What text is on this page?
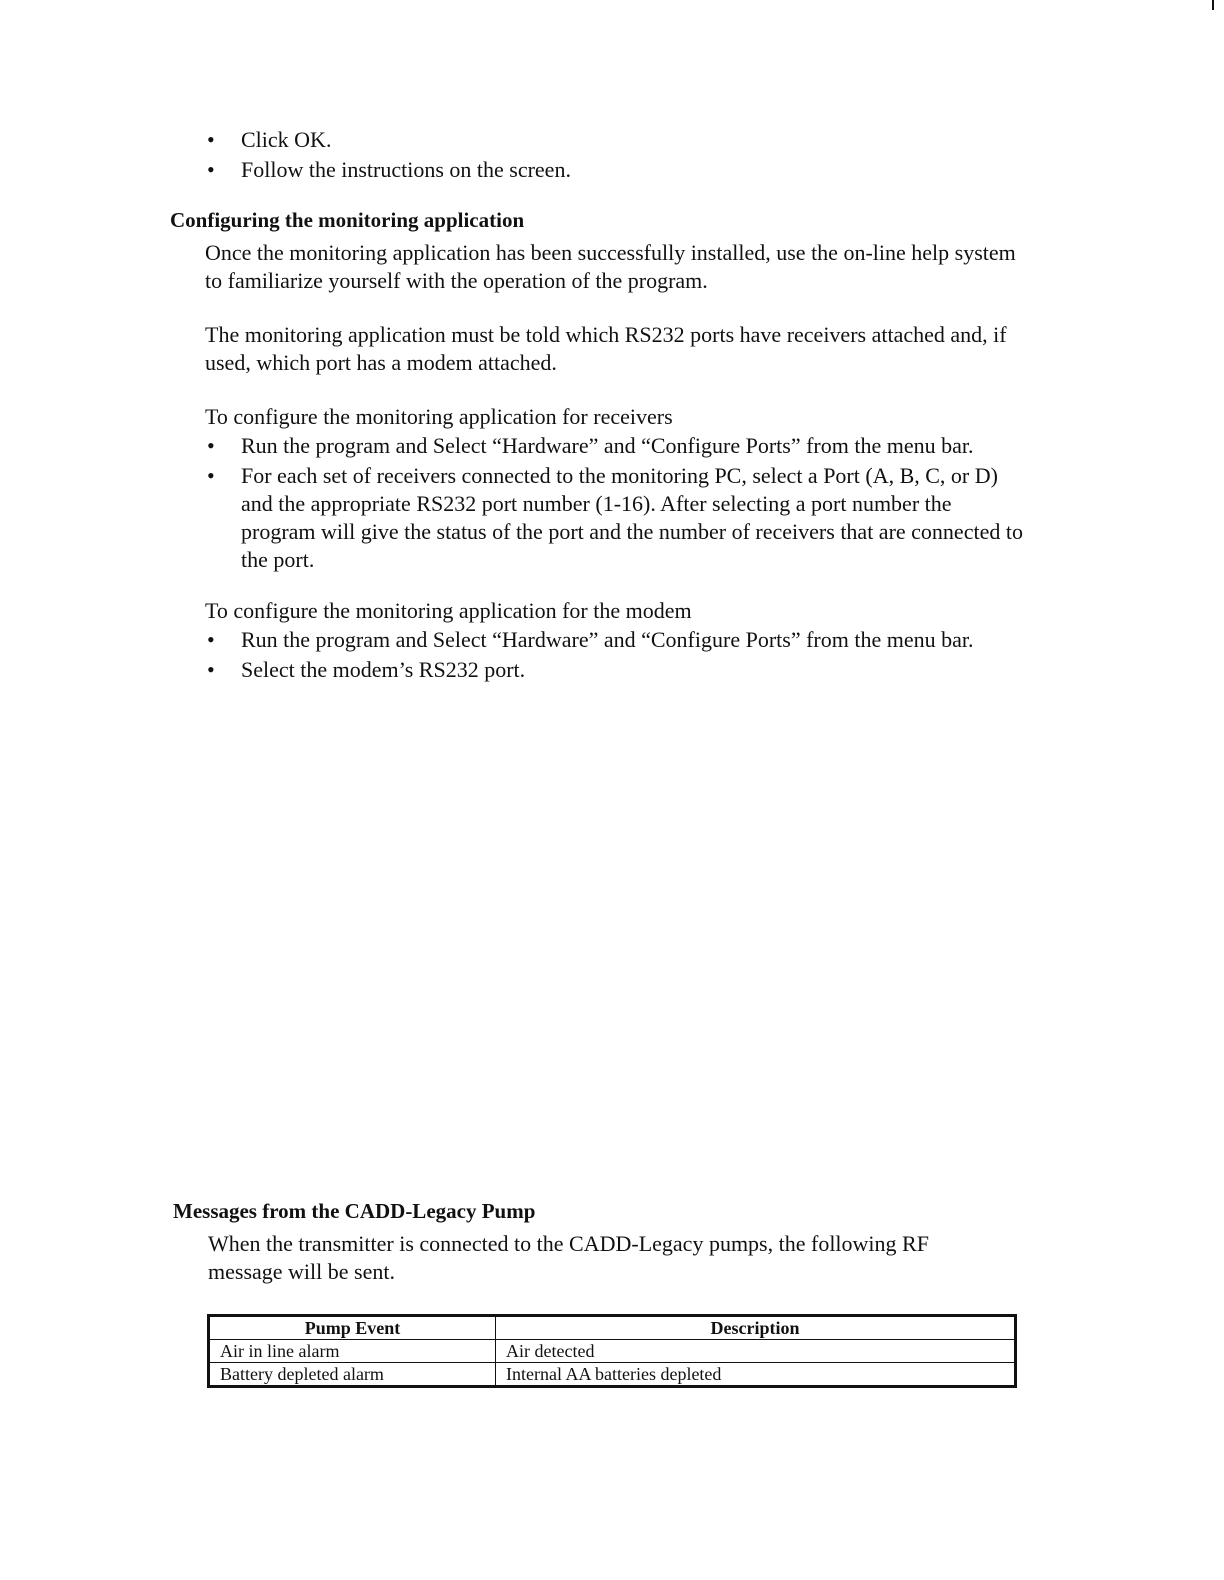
• Click OK.
• Follow the instructions on the screen.
Configuring the monitoring application

Once the monitoring application has been successfully installed, use the on-line help system to familiarize yourself with the operation of the program.

The monitoring application must be told which RS232 ports have receivers attached and, if used, which port has a modem attached.

To configure the monitoring application for receivers

• Run the program and Select “Hardware” and “Configure Ports” from the menu bar.
• For each set of receivers connected to the monitoring PC, select a Port (A, B, C, or D) and the appropriate RS232 port number (1-16). After selecting a port number the program will give the status of the port and the number of receivers that are connected to the port.

To configure the monitoring application for the modem

• Run the program and Select “Hardware” and “Configure Ports” from the menu bar.
• Select the modem’s RS232 port.
Messages from the CADD-Legacy Pump

When the transmitter is connected to the CADD-Legacy pumps, the following RF message will be sent.

Pump Event	Description
Air in line alarm	Air detected
Battery depleted alarm	Internal AA batteries depleted
